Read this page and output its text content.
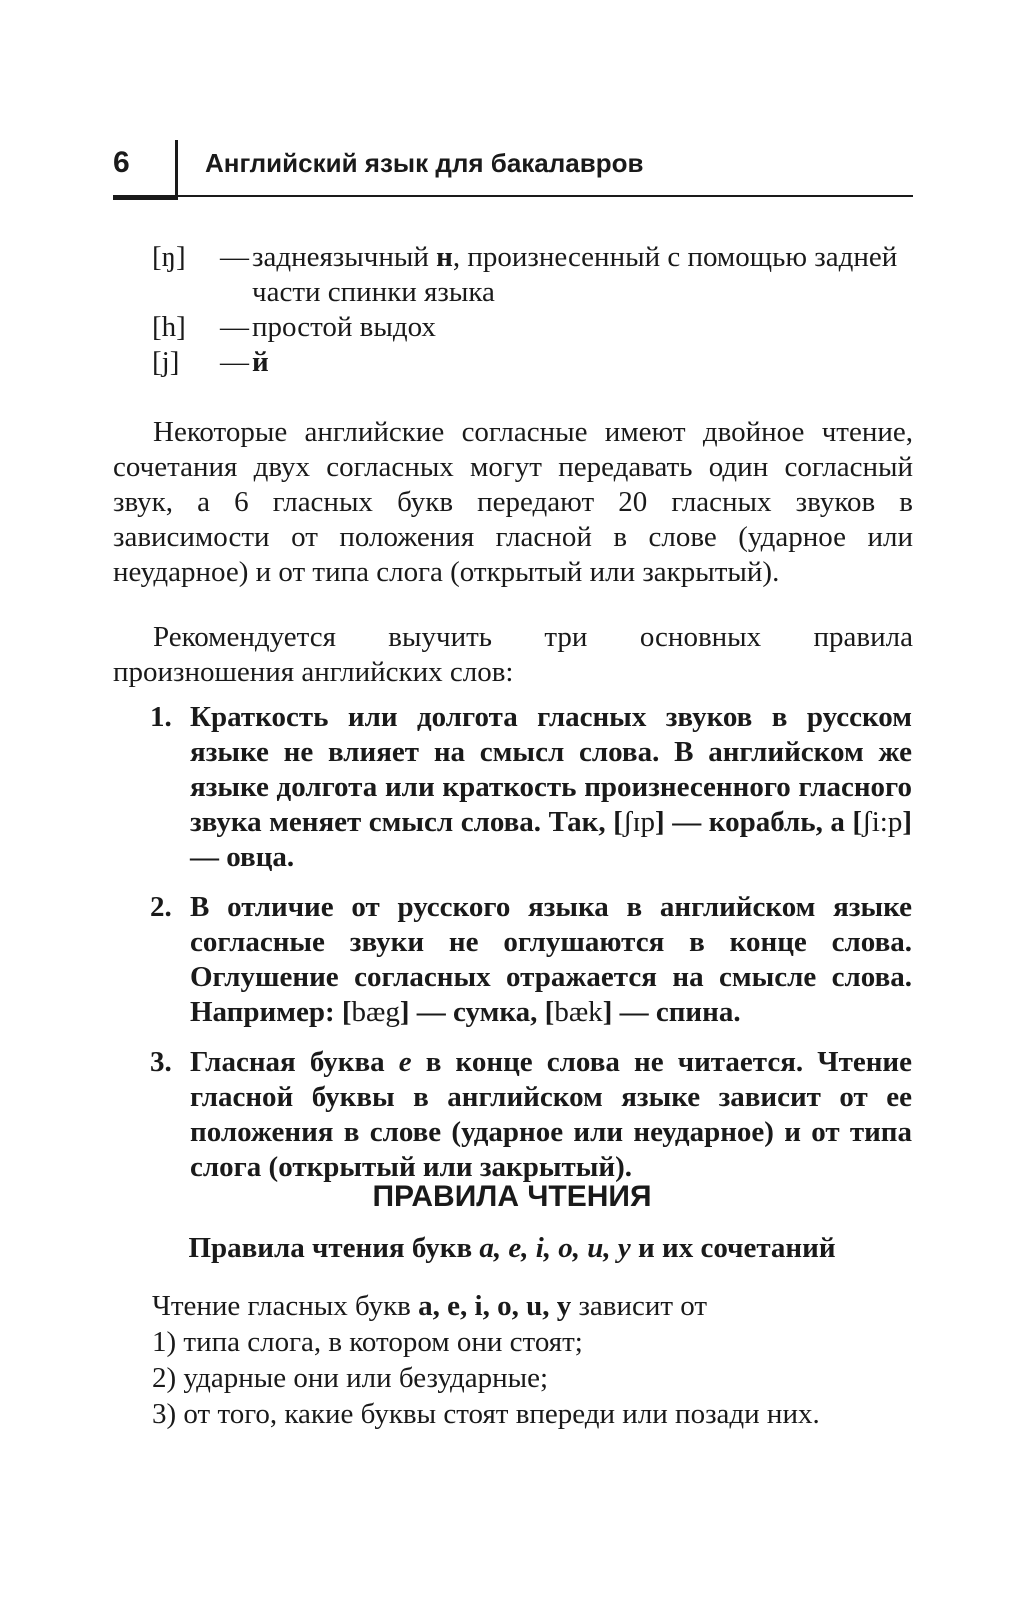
6	Английский язык для бакалавров
[ŋ] — заднеязычный н, произнесенный с помощью задней части спинки языка
[h] — простой выдох
[j] — й
Некоторые английские согласные имеют двойное чтение, сочетания двух согласных могут передавать один согласный звук, а 6 гласных букв передают 20 гласных звуков в зависимости от положения гласной в слове (ударное или неударное) и от типа слога (открытый или закрытый).
Рекомендуется выучить три основных правила произношения английских слов:
1. Краткость или долгота гласных звуков в русском языке не влияет на смысл слова. В английском же языке долгота или краткость произнесенного гласного звука меняет смысл слова. Так, [ʃɪp] — корабль, а [ʃi:p] — овца.
2. В отличие от русского языка в английском языке согласные звуки не оглушаются в конце слова. Оглушение согласных отражается на смысле слова. Например: [bæg] — сумка, [bæk] — спина.
3. Гласная буква е в конце слова не читается. Чтение гласной буквы в английском языке зависит от ее положения в слове (ударное или неударное) и от типа слога (открытый или закрытый).
ПРАВИЛА ЧТЕНИЯ
Правила чтения букв a, e, i, o, u, y и их сочетаний
Чтение гласных букв a, e, i, o, u, y зависит от
1) типа слога, в котором они стоят;
2) ударные они или безударные;
3) от того, какие буквы стоят впереди или позади них.
